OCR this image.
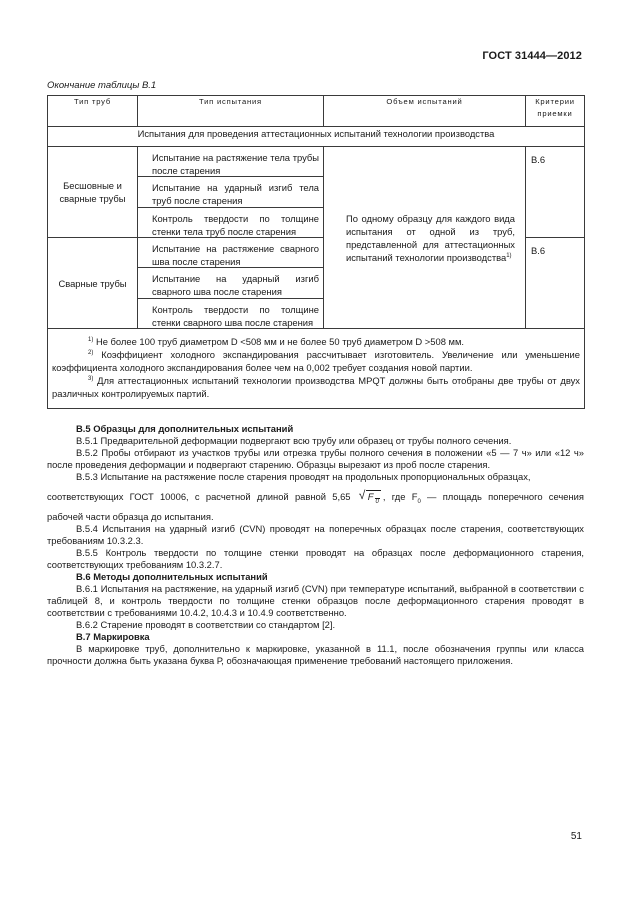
ГОСТ 31444—2012
Окончание таблицы В.1
Тип труб	Тип испытания	Объем испытаний	Критерии приемки
Испытания для проведения аттестационных испытаний технологии производства			
Бесшовные и сварные трубы	Испытание на растяжение тела трубы после старения
Испытание на ударный изгиб тела труб после старения
Контроль твердости по толщине стенки тела труб после старения	По одному образцу для каждого вида испытания от одной из труб, представленной для аттестационных испытаний технологии производства$^{1)}$	В.6
Сварные трубы	Испытание на растяжение сварного шва после старения
Испытание на ударный изгиб сварного шва после старения
Контроль твердости по толщине стенки сварного шва после старения		В.6

$^{1)}$ Не более 100 труб диаметром D <508 мм и не более 50 труб диаметром D >508 мм.
$^{2)}$ Коэффициент холодного экспандирования рассчитывает изготовитель. Увеличение или уменьшение коэффициента холодного экспандирования более чем на 0,002 требует создания новой партии.
$^{3)}$ Для аттестационных испытаний технологии производства MPQT должны быть отобраны две трубы от двух различных контролируемых партий.			

В.5 Образцы для дополнительных испытаний

В.5.1 Предварительной деформации подвергают всю трубу или образец от трубы полного сечения.

В.5.2 Пробы отбирают из участков трубы или отрезка трубы полного сечения в положении «5 — 7 ч» или «12 ч» после проведения деформации и подвергают старению. Образцы вырезают из проб после старения.

В.5.3 Испытание на растяжение после старения проводят на продольных пропорциональных образцах,

соответствующих ГОСТ 10006, с расчетной длиной равной 5,65 √ F $_0$ , где $F_0$ — площадь поперечного сечения

рабочей части образца до испытания.

В.5.4 Испытания на ударный изгиб (CVN) проводят на поперечных образцах после старения, соответствующих требованиям 10.3.2.3.

В.5.5 Контроль твердости по толщине стенки проводят на образцах после деформационного старения, соответствующих требованиям 10.3.2.7.

В.6 Методы дополнительных испытаний

В.6.1 Испытания на растяжение, на ударный изгиб (CVN) при температуре испытаний, выбранной в соответствии с таблицей 8, и контроль твердости по толщине стенки образцов после деформационного старения проводят в соответствии с требованиями 10.4.2, 10.4.3 и 10.4.9 соответственно.

В.6.2 Старение проводят в соответствии со стандартом [2].

В.7 Маркировка

В маркировке труб, дополнительно к маркировке, указанной в 11.1, после обозначения группы или класса прочности должна быть указана буква Р, обозначающая применение требований настоящего приложения.

51
